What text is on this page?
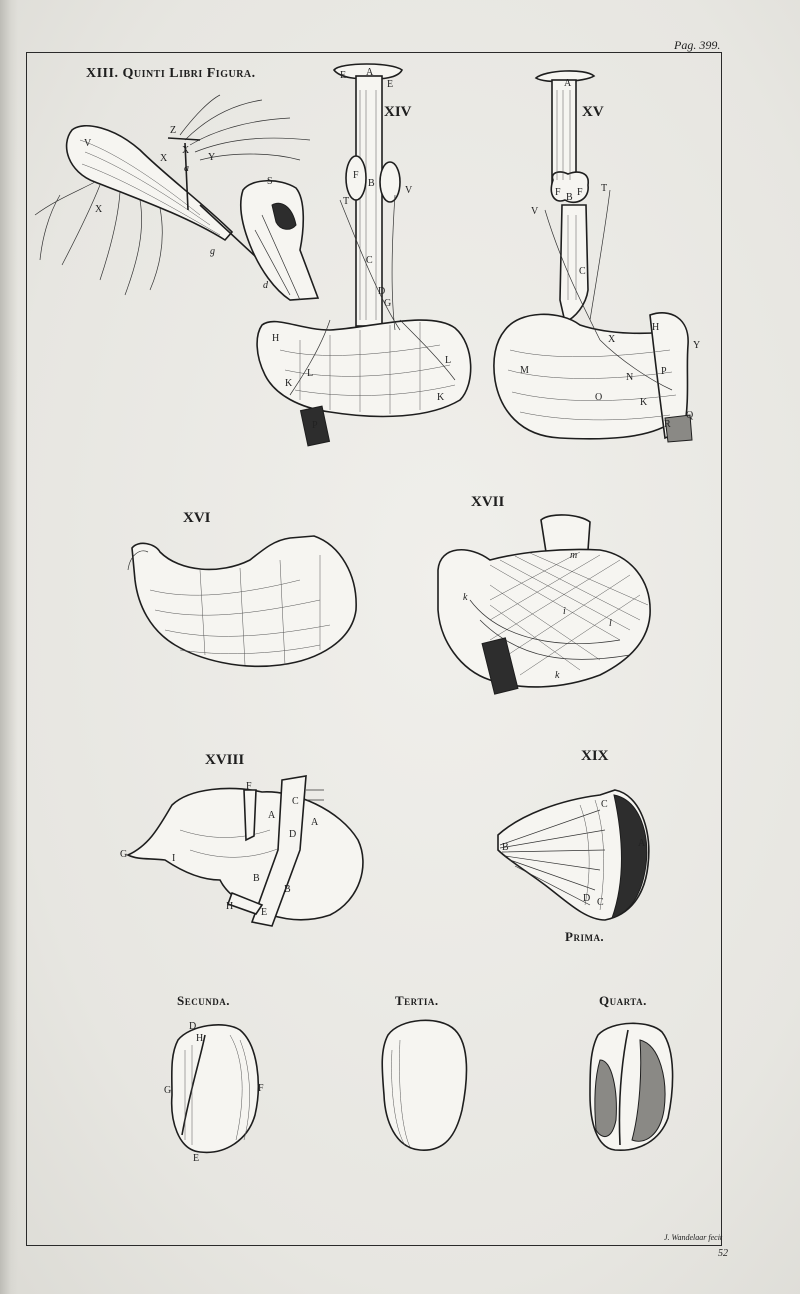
Pag. 399.
XIII. Quinti Libri Figura.
XIV	XV
XVI
XVII
XVIII	XIX
Prima.
Secunda.	Tertia.	Quarta.
J. Wandelaar fecit
52
Z
X
X
Y
V
X
S
d
g
a
E A
E
F
B
V
T
C
D
G
H
K
L
L
K
P
A
F B F T
V
C
X
H
Y
M
N
O
P
K
R
Q
m
k
i
l
k
F
C
A
A
D
G	I
B
B
H
E
C
B	A
D C
D
H
G	F
E
